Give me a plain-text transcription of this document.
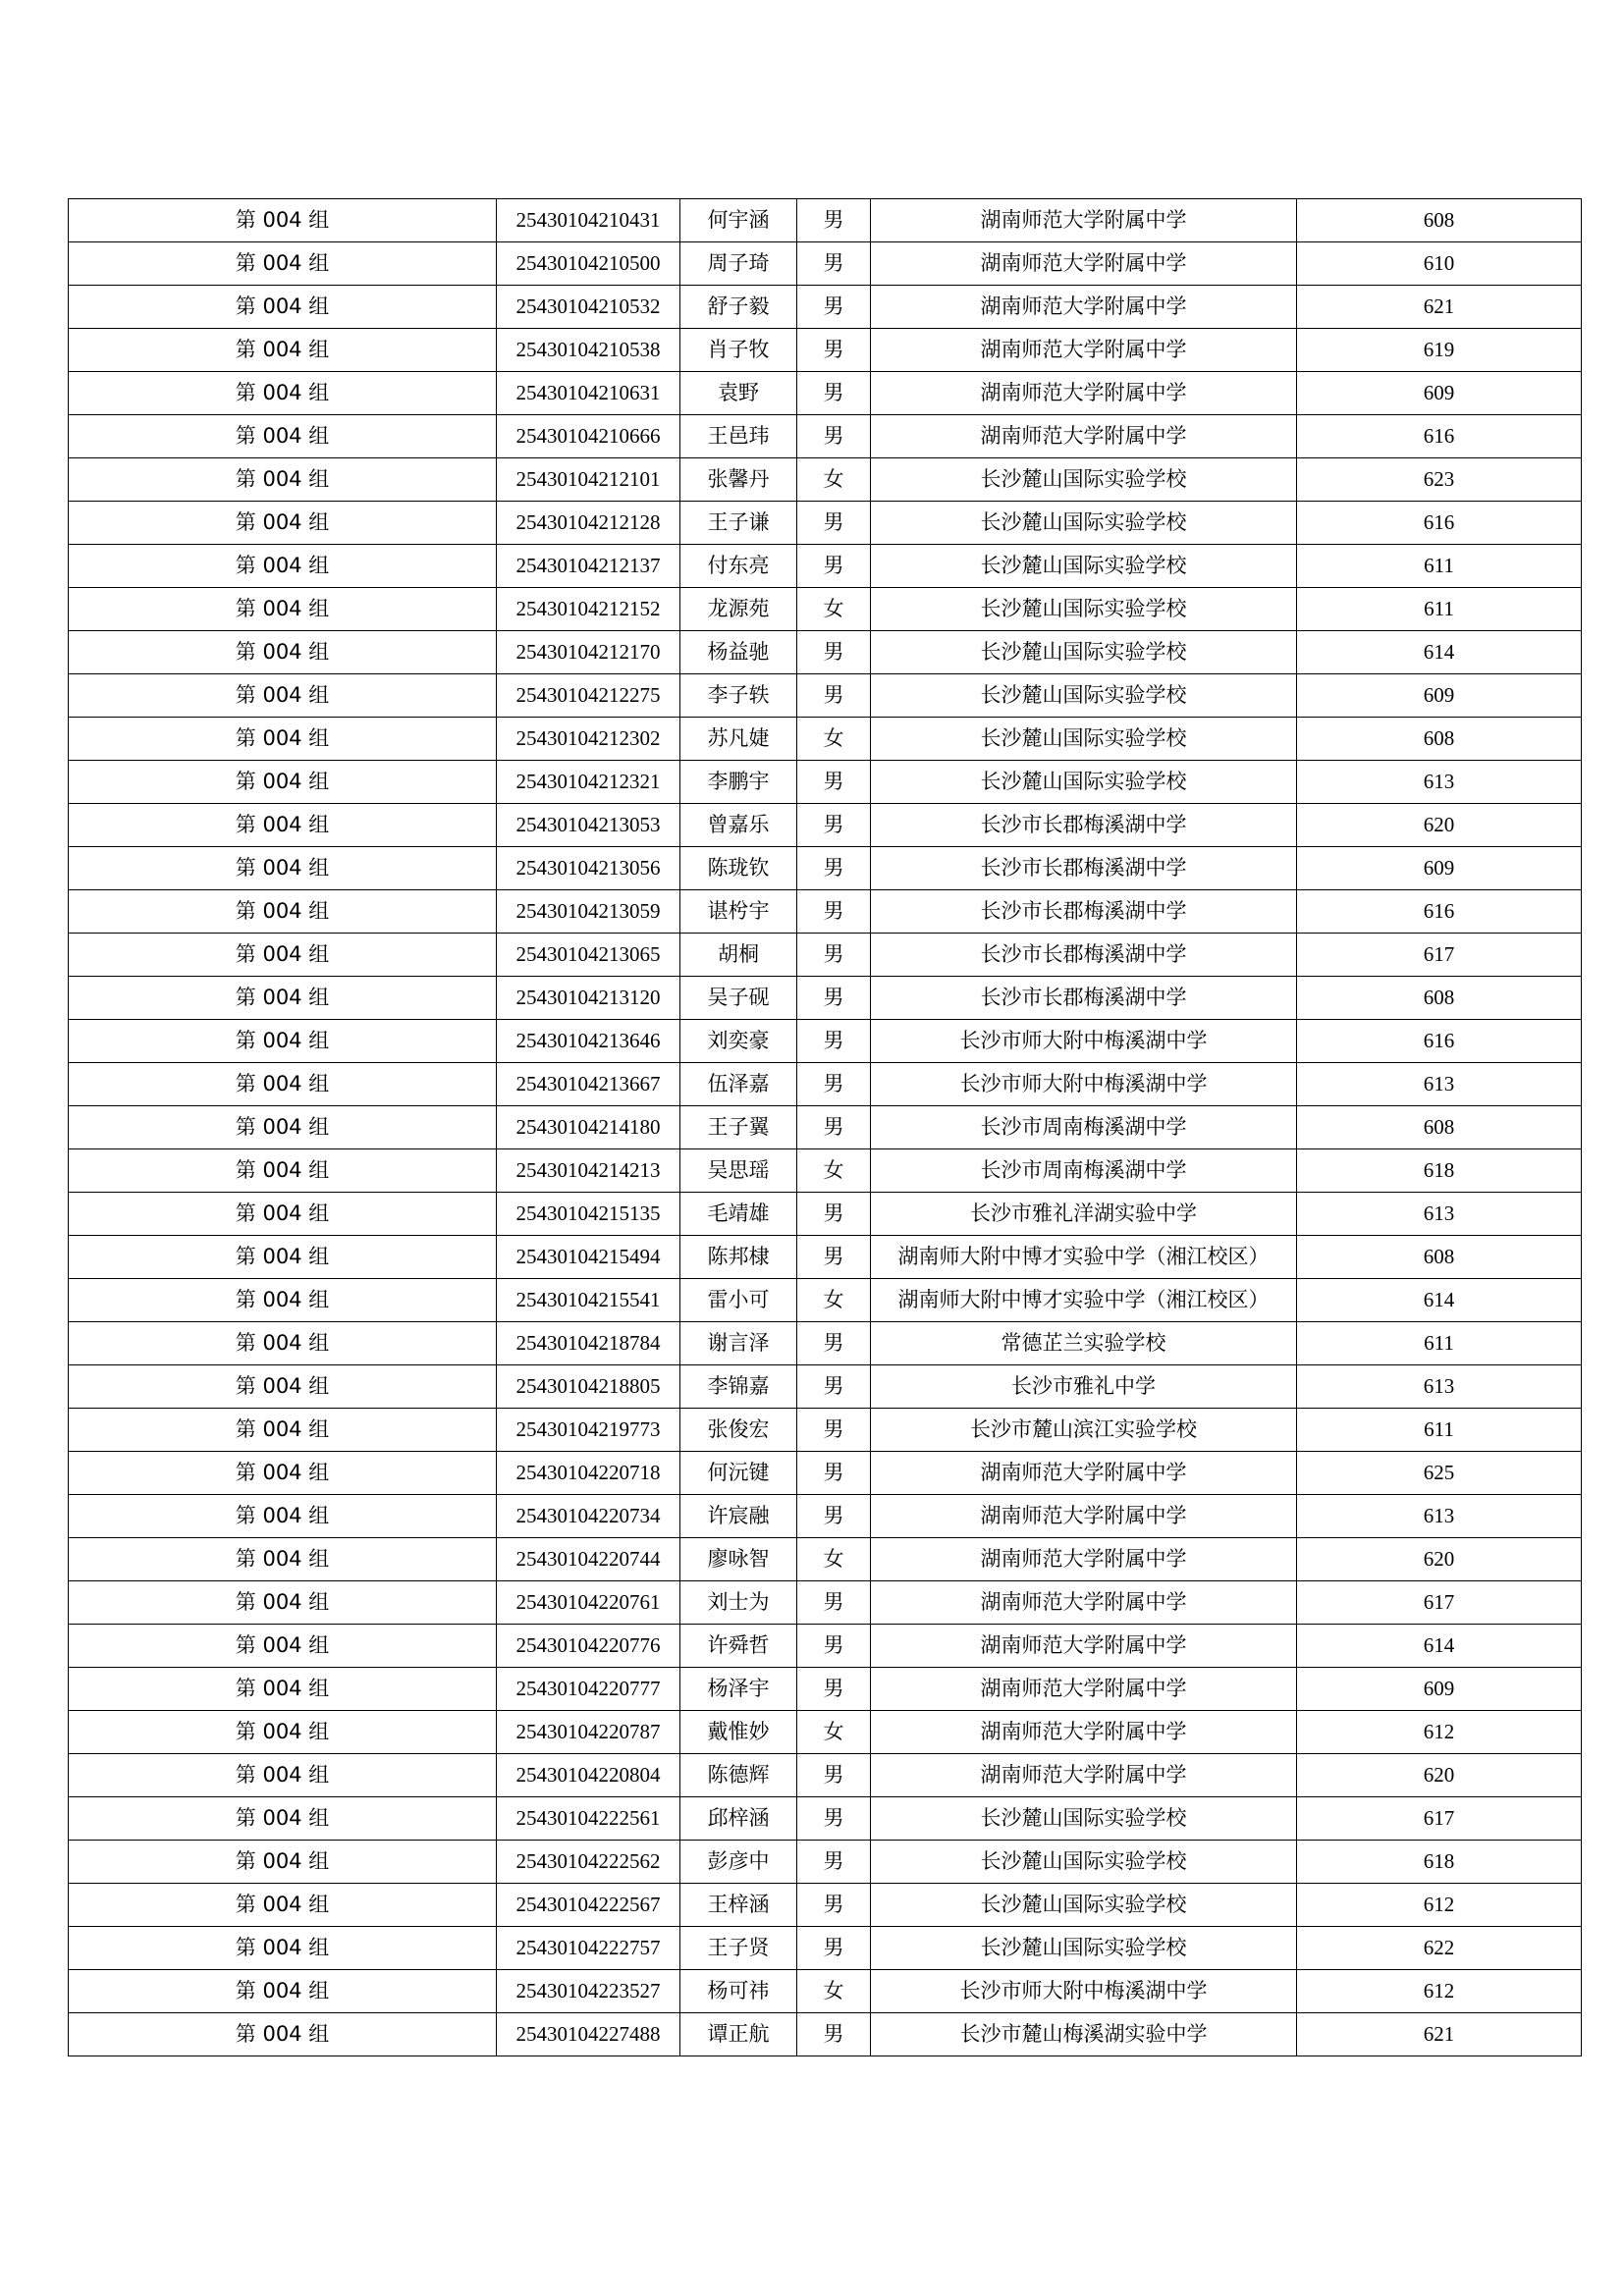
第 004 组	25430104210431	何宇涵	男	湖南师范大学附属中学	608
第 004 组	25430104210500	周子琦	男	湖南师范大学附属中学	610
第 004 组	25430104210532	舒子毅	男	湖南师范大学附属中学	621
第 004 组	25430104210538	肖子牧	男	湖南师范大学附属中学	619
第 004 组	25430104210631	袁野	男	湖南师范大学附属中学	609
第 004 组	25430104210666	王邑玮	男	湖南师范大学附属中学	616
第 004 组	25430104212101	张馨丹	女	长沙麓山国际实验学校	623
第 004 组	25430104212128	王子谦	男	长沙麓山国际实验学校	616
第 004 组	25430104212137	付东亮	男	长沙麓山国际实验学校	611
第 004 组	25430104212152	龙源苑	女	长沙麓山国际实验学校	611
第 004 组	25430104212170	杨益驰	男	长沙麓山国际实验学校	614
第 004 组	25430104212275	李子轶	男	长沙麓山国际实验学校	609
第 004 组	25430104212302	苏凡婕	女	长沙麓山国际实验学校	608
第 004 组	25430104212321	李鹏宇	男	长沙麓山国际实验学校	613
第 004 组	25430104213053	曾嘉乐	男	长沙市长郡梅溪湖中学	620
第 004 组	25430104213056	陈珑钦	男	长沙市长郡梅溪湖中学	609
第 004 组	25430104213059	谌枍宇	男	长沙市长郡梅溪湖中学	616
第 004 组	25430104213065	胡桐	男	长沙市长郡梅溪湖中学	617
第 004 组	25430104213120	吴子砚	男	长沙市长郡梅溪湖中学	608
第 004 组	25430104213646	刘奕豪	男	长沙市师大附中梅溪湖中学	616
第 004 组	25430104213667	伍泽嘉	男	长沙市师大附中梅溪湖中学	613
第 004 组	25430104214180	王子翼	男	长沙市周南梅溪湖中学	608
第 004 组	25430104214213	吴思瑶	女	长沙市周南梅溪湖中学	618
第 004 组	25430104215135	毛靖雄	男	长沙市雅礼洋湖实验中学	613
第 004 组	25430104215494	陈邦棣	男	湖南师大附中博才实验中学（湘江校区）	608
第 004 组	25430104215541	雷小可	女	湖南师大附中博才实验中学（湘江校区）	614
第 004 组	25430104218784	谢言泽	男	常德芷兰实验学校	611
第 004 组	25430104218805	李锦嘉	男	长沙市雅礼中学	613
第 004 组	25430104219773	张俊宏	男	长沙市麓山滨江实验学校	611
第 004 组	25430104220718	何沅键	男	湖南师范大学附属中学	625
第 004 组	25430104220734	许宸融	男	湖南师范大学附属中学	613
第 004 组	25430104220744	廖咏智	女	湖南师范大学附属中学	620
第 004 组	25430104220761	刘士为	男	湖南师范大学附属中学	617
第 004 组	25430104220776	许舜哲	男	湖南师范大学附属中学	614
第 004 组	25430104220777	杨泽宇	男	湖南师范大学附属中学	609
第 004 组	25430104220787	戴惟妙	女	湖南师范大学附属中学	612
第 004 组	25430104220804	陈德辉	男	湖南师范大学附属中学	620
第 004 组	25430104222561	邱梓涵	男	长沙麓山国际实验学校	617
第 004 组	25430104222562	彭彦中	男	长沙麓山国际实验学校	618
第 004 组	25430104222567	王梓涵	男	长沙麓山国际实验学校	612
第 004 组	25430104222757	王子贤	男	长沙麓山国际实验学校	622
第 004 组	25430104223527	杨可祎	女	长沙市师大附中梅溪湖中学	612
第 004 组	25430104227488	谭正航	男	长沙市麓山梅溪湖实验中学	621
